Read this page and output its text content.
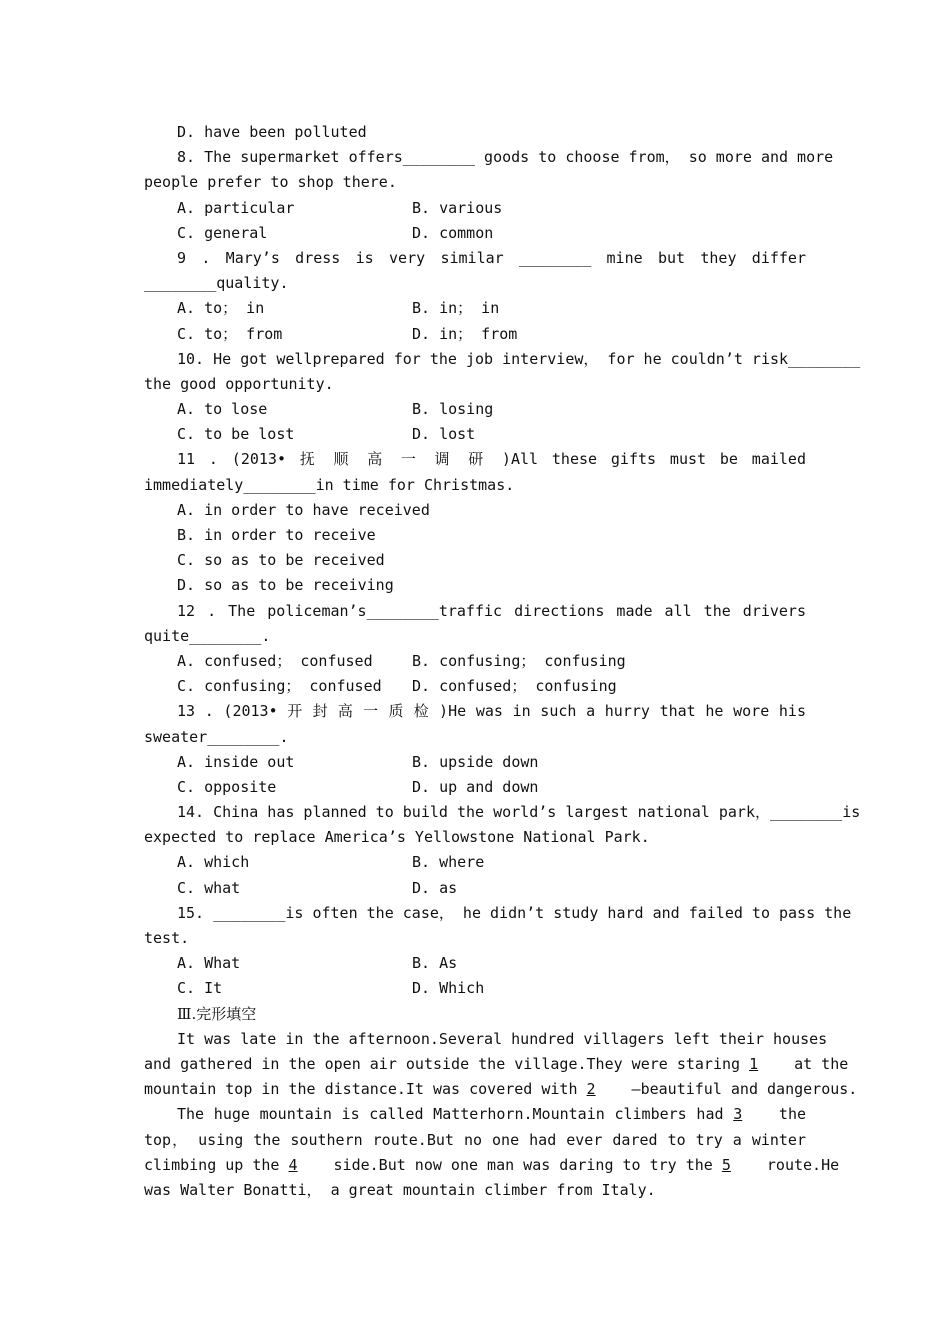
D. have been polluted
8. The supermarket offers________ goods to choose from， so more and more
people prefer to shop there.
A. particular	B. various
C. general	D. common
9 . Mary’s dress is very similar ________ mine but they differ
________quality.
A. to； in	B. in； in
C. to； from	D. in； from
10. He got wellprepared for the job interview， for he couldn’t risk________
the good opportunity.
A. to lose	B. losing
C. to be lost	D. lost
11 . (2013• 抚 顺 高 一 调 研 )All these gifts must be mailed
immediately________in time for Christmas.
A. in order to have received
B. in order to receive
C. so as to be received
D. so as to be receiving
12 . The policeman’s________traffic directions made all the drivers
quite________.
A. confused； confused	B. confusing； confusing
C. confusing； confused	D. confused； confusing
13 . (2013• 开 封 高 一 质 检 )He was in such a hurry that he wore his
sweater________.
A. inside out	B. upside down
C. opposite	D. up and down
14. China has planned to build the world’s largest national park，________is
expected to replace America’s Yellowstone National Park.
A. which	B. where
C. what	D. as
15. ________is often the case， he didn’t study hard and failed to pass the
test.
A. What	B. As
C. It	D. Which
Ⅲ.完形填空
It was late in the afternoon.Several hundred villagers left their houses
and gathered in the open air outside the village.They were staring 1 at the
mountain top in the distance.It was covered with 2 —beautiful and dangerous.
The huge mountain is called Matterhorn.Mountain climbers had 3 the
top， using the southern route.But no one had ever dared to try a winter
climbing up the 4 side.But now one man was daring to try the 5 route.He
was Walter Bonatti， a great mountain climber from Italy.
